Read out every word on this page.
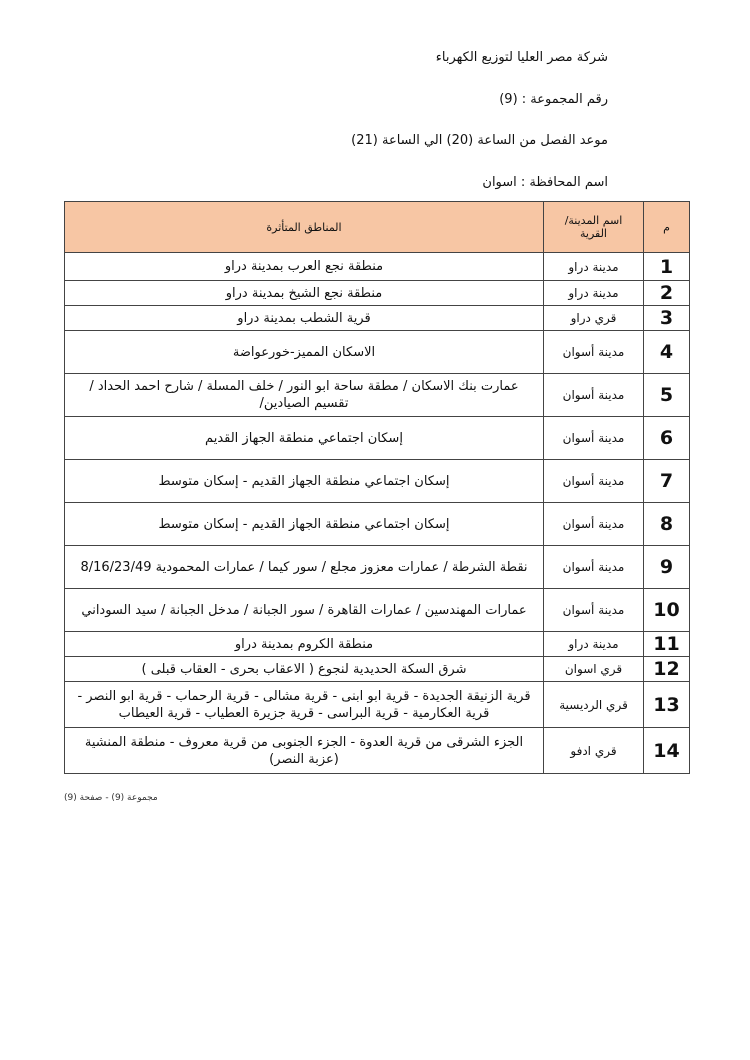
شركة مصر العليا لتوزيع الكهرباء
رقم المجموعة : (9)
موعد الفصل من الساعة (20) الي الساعة (21)
اسم المحافظة : اسوان
م	اسم المدينة/ القرية	المناطق المتأثرة
1	مدينة دراو	منطقة نجع العرب بمدينة دراو
2	مدينة دراو	منطقة نجع الشيخ بمدينة دراو
3	قري دراو	قرية الشطب بمدينة دراو
4	مدينة أسوان	الاسكان المميز-خورعواضة
5	مدينة أسوان	عمارت بنك الاسكان / مطقة ساحة ابو النور / خلف المسلة / شارح احمد الحداد / تقسيم الصيادين/
6	مدينة أسوان	إسكان اجتماعي منطقة الجهاز القديم
7	مدينة أسوان	إسكان اجتماعي منطقة الجهاز القديم - إسكان متوسط
8	مدينة أسوان	إسكان اجتماعي منطقة الجهاز القديم - إسكان متوسط
9	مدينة أسوان	نقطة الشرطة / عمارات معزوز مجلع / سور كيما / عمارات المحمودية 8/16/23/49
10	مدينة أسوان	عمارات المهندسين / عمارات القاهرة / سور الجبانة / مدخل الجبانة / سيد السوداني
11	مدينة دراو	منطقة الكروم بمدينة دراو
12	قري اسوان	شرق السكة الحديدية لنجوع ( الاعقاب بحرى - العقاب قبلى )
13	قري الرديسية	قرية الزنيقة الجديدة - قرية ابو ابنى - قرية مشالى - قرية الرحماب - قرية ابو النصر - قرية العكارمية - قرية البراسى - قرية جزيرة العطياب - قرية العيطاب
14	قري ادفو	الجزء الشرقى من قرية العدوة - الجزء الجنوبى من قرية معروف - منطقة المنشية (عزبة النصر)
مجموعة (9) - صفحة (9)
